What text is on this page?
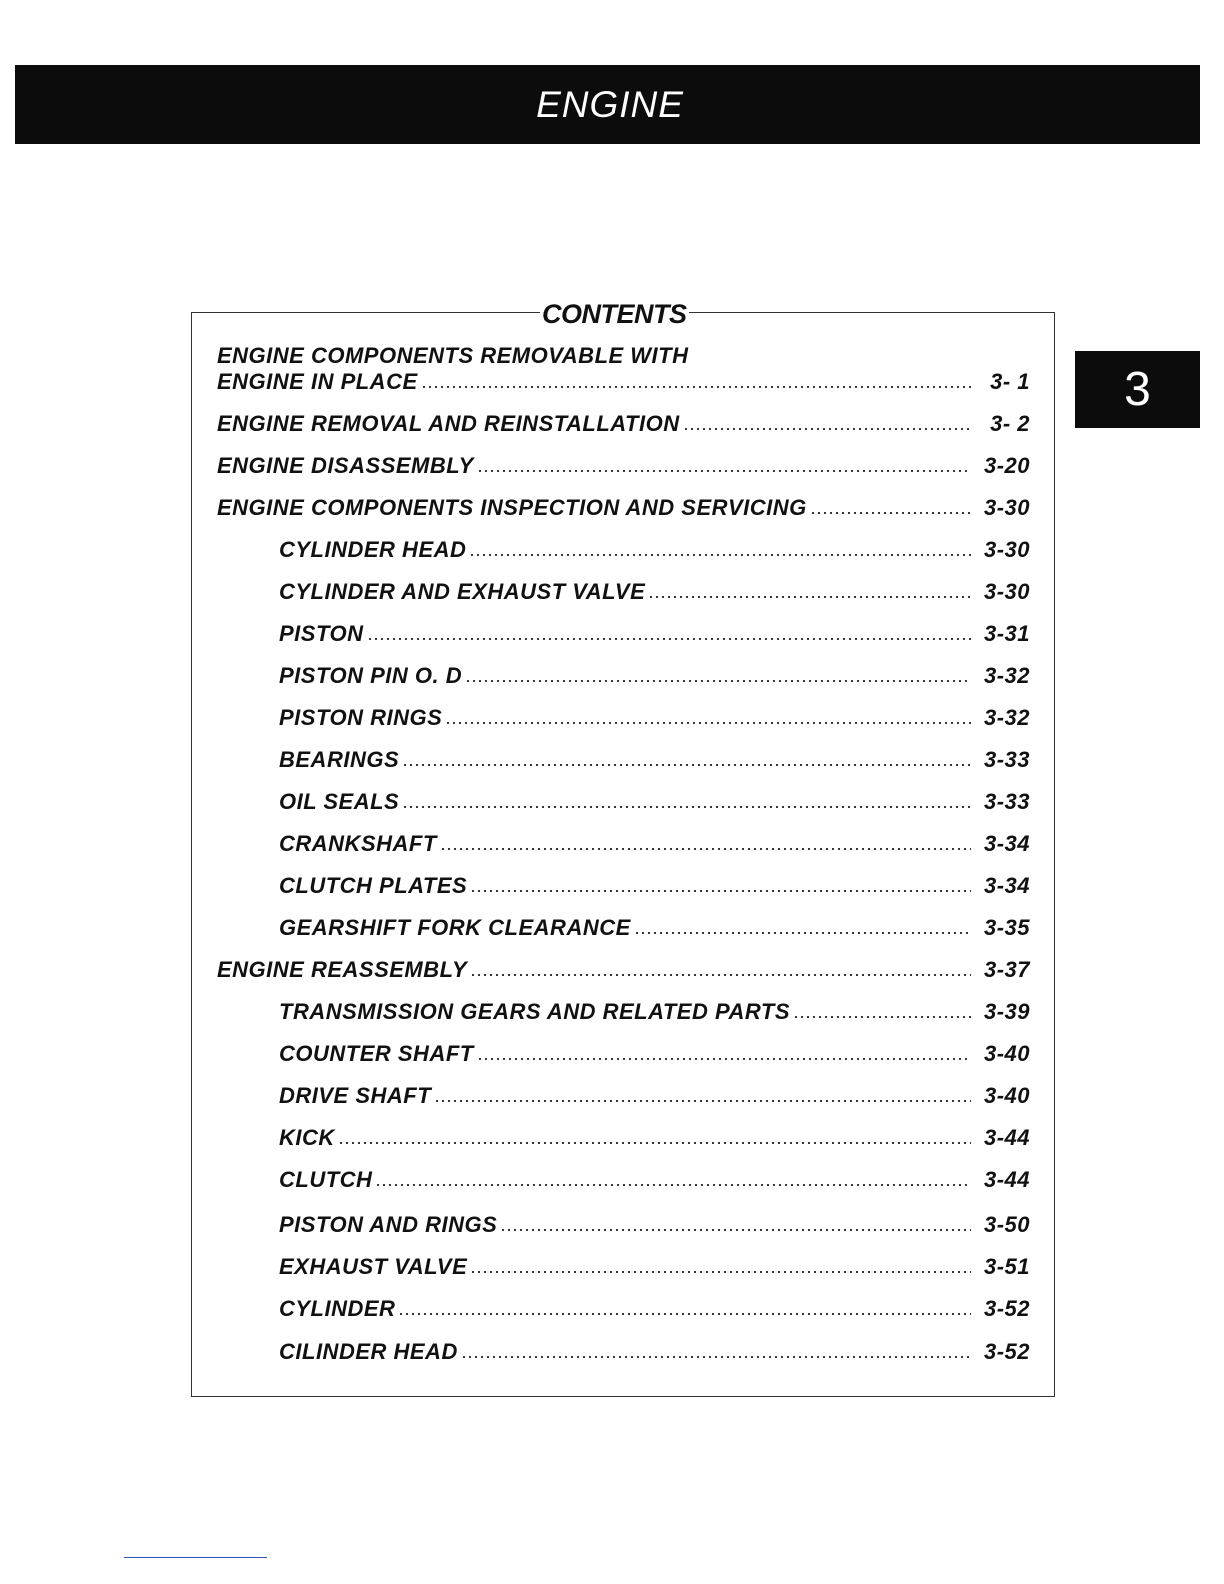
ENGINE
3
CONTENTS
ENGINE COMPONENTS REMOVABLE WITH
ENGINE IN PLACE	3- 1
ENGINE REMOVAL AND REINSTALLATION	3- 2
ENGINE DISASSEMBLY	3-20
ENGINE COMPONENTS INSPECTION AND SERVICING	3-30
CYLINDER HEAD	3-30
CYLINDER AND EXHAUST VALVE	3-30
PISTON	3-31
PISTON PIN O. D	3-32
PISTON RINGS	3-32
BEARINGS	3-33
OIL SEALS	3-33
CRANKSHAFT	3-34
CLUTCH PLATES	3-34
GEARSHIFT FORK CLEARANCE	3-35
ENGINE REASSEMBLY	3-37
TRANSMISSION GEARS AND RELATED PARTS	3-39
COUNTER SHAFT	3-40
DRIVE SHAFT	3-40
KICK	3-44
CLUTCH	3-44
PISTON AND RINGS	3-50
EXHAUST VALVE	3-51
CYLINDER	3-52
CILINDER HEAD	3-52
